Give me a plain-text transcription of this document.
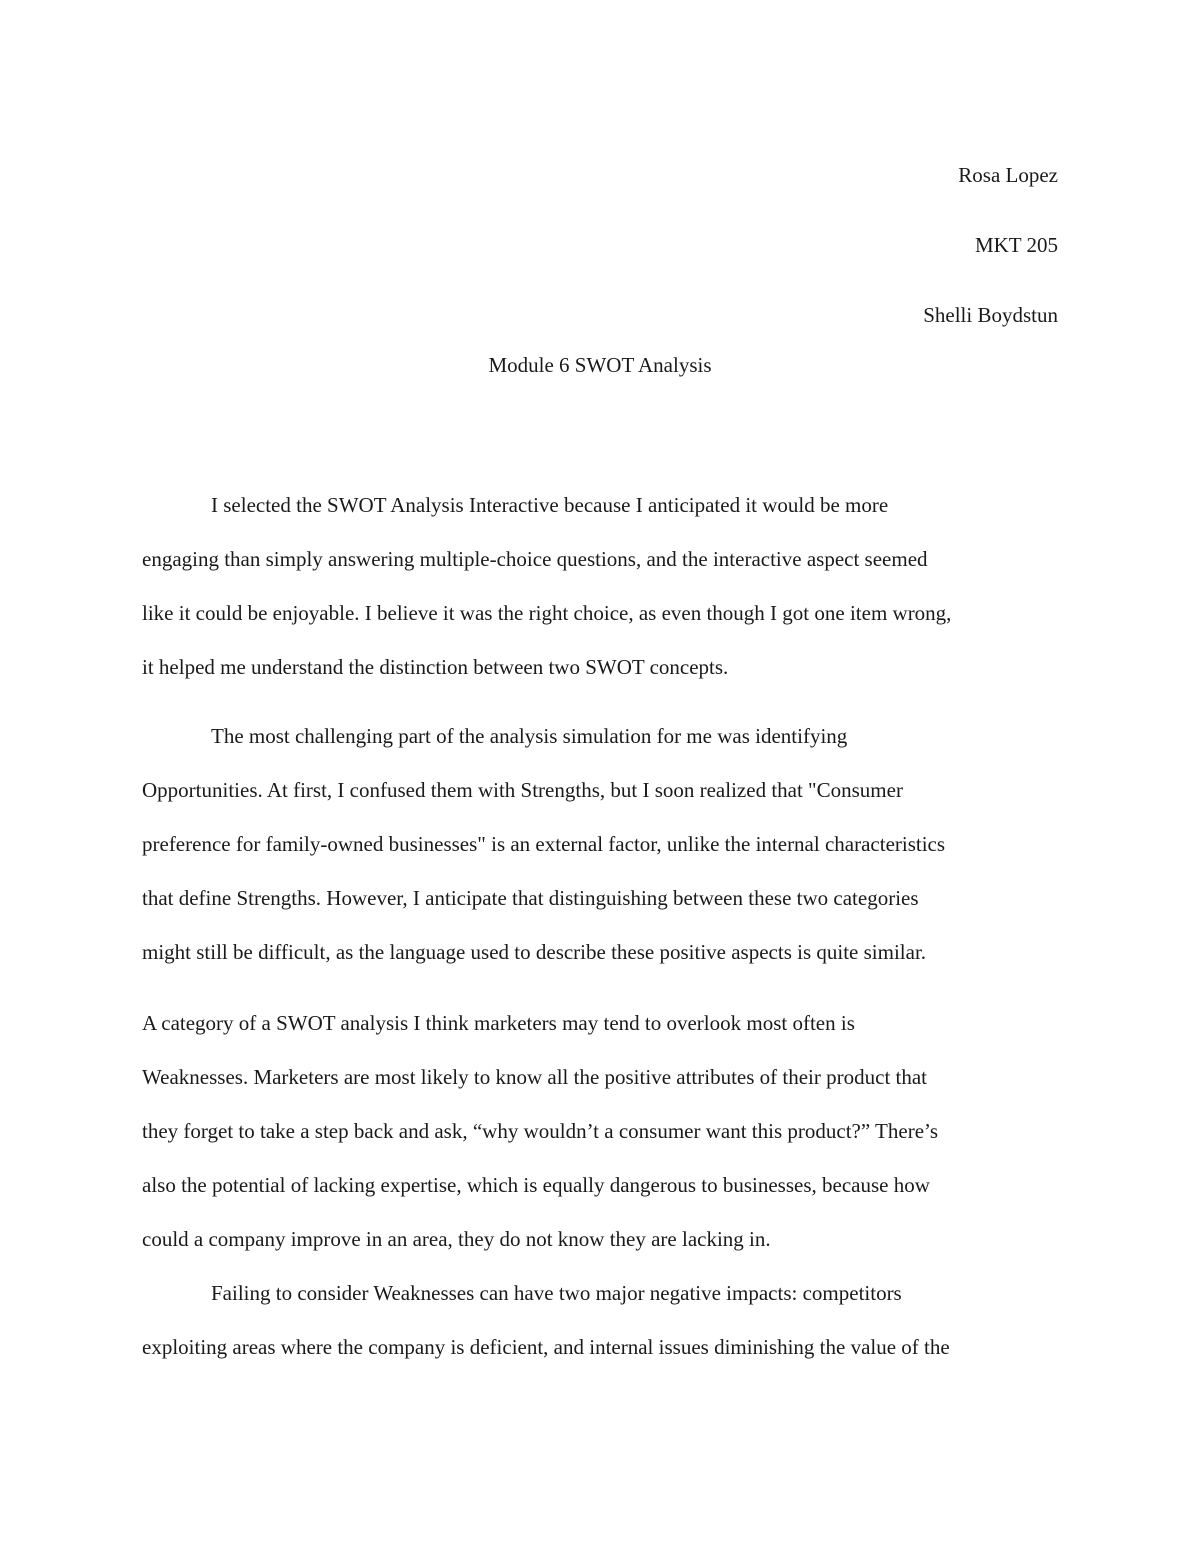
Rosa Lopez
MKT 205
Shelli Boydstun
Module 6 SWOT Analysis
I selected the SWOT Analysis Interactive because I anticipated it would be more
engaging than simply answering multiple-choice questions, and the interactive aspect seemed
like it could be enjoyable. I believe it was the right choice, as even though I got one item wrong,
it helped me understand the distinction between two SWOT concepts.
The most challenging part of the analysis simulation for me was identifying
Opportunities. At first, I confused them with Strengths, but I soon realized that "Consumer
preference for family-owned businesses" is an external factor, unlike the internal characteristics
that define Strengths. However, I anticipate that distinguishing between these two categories
might still be difficult, as the language used to describe these positive aspects is quite similar.
A category of a SWOT analysis I think marketers may tend to overlook most often is
Weaknesses. Marketers are most likely to know all the positive attributes of their product that
they forget to take a step back and ask, “why wouldn’t a consumer want this product?” There’s
also the potential of lacking expertise, which is equally dangerous to businesses, because how
could a company improve in an area, they do not know they are lacking in.
Failing to consider Weaknesses can have two major negative impacts: competitors
exploiting areas where the company is deficient, and internal issues diminishing the value of the
